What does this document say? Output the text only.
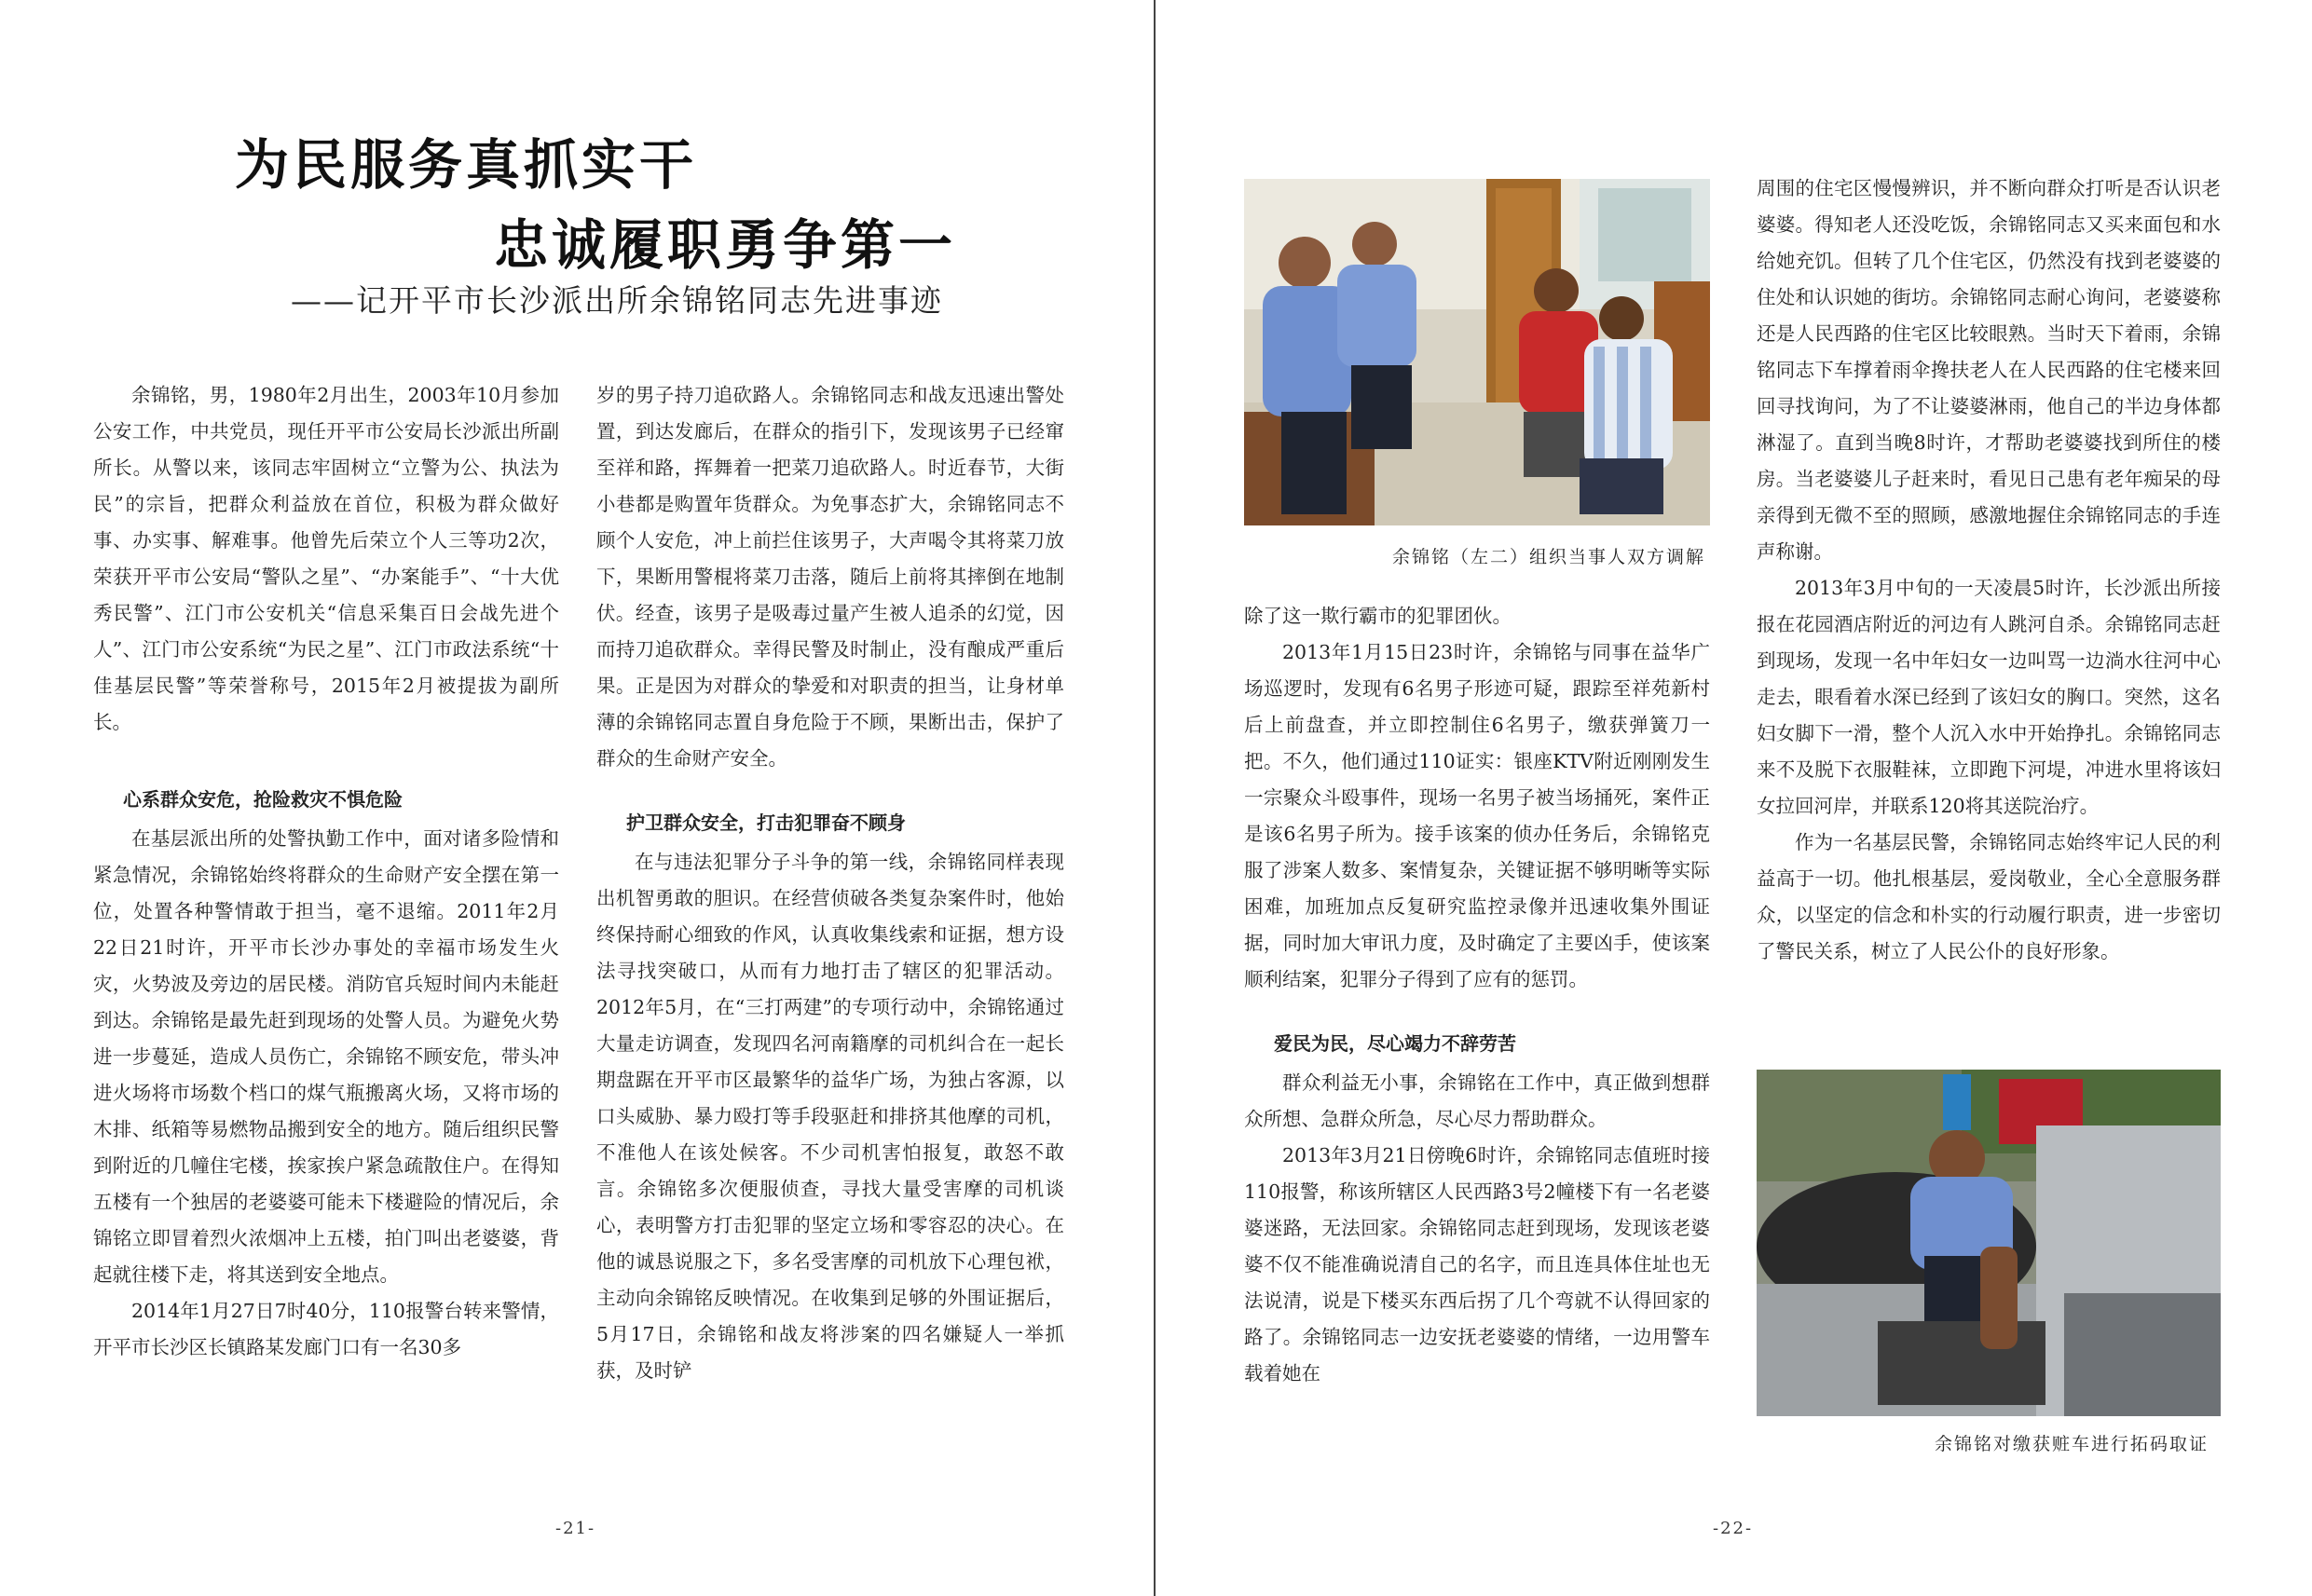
为民服务真抓实干
忠诚履职勇争第一
——记开平市长沙派出所余锦铭同志先进事迹

余锦铭，男，1980年2月出生，2003年10月参加公安工作，中共党员，现任开平市公安局长沙派出所副所长。从警以来，该同志牢固树立“立警为公、执法为民”的宗旨，把群众利益放在首位，积极为群众做好事、办实事、解难事。他曾先后荣立个人三等功2次，荣获开平市公安局“警队之星”、“办案能手”、“十大优秀民警”、江门市公安机关“信息采集百日会战先进个人”、江门市公安系统“为民之星”、江门市政法系统“十佳基层民警”等荣誉称号，2015年2月被提拔为副所长。

心系群众安危，抢险救灾不惧危险

在基层派出所的处警执勤工作中，面对诸多险情和紧急情况，余锦铭始终将群众的生命财产安全摆在第一位，处置各种警情敢于担当，毫不退缩。2011年2月22日21时许，开平市长沙办事处的幸福市场发生火灾，火势波及旁边的居民楼。消防官兵短时间内未能赶到达。余锦铭是最先赶到现场的处警人员。为避免火势进一步蔓延，造成人员伤亡，余锦铭不顾安危，带头冲进火场将市场数个档口的煤气瓶搬离火场，又将市场的木排、纸箱等易燃物品搬到安全的地方。随后组织民警到附近的几幢住宅楼，挨家挨户紧急疏散住户。在得知五楼有一个独居的老婆婆可能未下楼避险的情况后，余锦铭立即冒着烈火浓烟冲上五楼，拍门叫出老婆婆，背起就往楼下走，将其送到安全地点。

2014年1月27日7时40分，110报警台转来警情，开平市长沙区长镇路某发廊门口有一名30多

岁的男子持刀追砍路人。余锦铭同志和战友迅速出警处置，到达发廊后，在群众的指引下，发现该男子已经窜至祥和路，挥舞着一把菜刀追砍路人。时近春节，大街小巷都是购置年货群众。为免事态扩大，余锦铭同志不顾个人安危，冲上前拦住该男子，大声喝令其将菜刀放下，果断用警棍将菜刀击落，随后上前将其摔倒在地制伏。经查，该男子是吸毒过量产生被人追杀的幻觉，因而持刀追砍群众。幸得民警及时制止，没有酿成严重后果。正是因为对群众的挚爱和对职责的担当，让身材单薄的余锦铭同志置自身危险于不顾，果断出击，保护了群众的生命财产安全。

护卫群众安全，打击犯罪奋不顾身

在与违法犯罪分子斗争的第一线，余锦铭同样表现出机智勇敢的胆识。在经营侦破各类复杂案件时，他始终保持耐心细致的作风，认真收集线索和证据，想方设法寻找突破口，从而有力地打击了辖区的犯罪活动。2012年5月，在“三打两建”的专项行动中，余锦铭通过大量走访调查，发现四名河南籍摩的司机纠合在一起长期盘踞在开平市区最繁华的益华广场，为独占客源，以口头威胁、暴力殴打等手段驱赶和排挤其他摩的司机，不准他人在该处候客。不少司机害怕报复，敢怒不敢言。余锦铭多次便服侦查，寻找大量受害摩的司机谈心，表明警方打击犯罪的坚定立场和零容忍的决心。在他的诚恳说服之下，多名受害摩的司机放下心理包袱，主动向余锦铭反映情况。在收集到足够的外围证据后，5月17日，余锦铭和战友将涉案的四名嫌疑人一举抓获，及时铲

-21-
余锦铭（左二）组织当事人双方调解

除了这一欺行霸市的犯罪团伙。

2013年1月15日23时许，余锦铭与同事在益华广场巡逻时，发现有6名男子形迹可疑，跟踪至祥苑新村后上前盘查，并立即控制住6名男子，缴获弹簧刀一把。不久，他们通过110证实：银座KTV附近刚刚发生一宗聚众斗殴事件，现场一名男子被当场捅死，案件正是该6名男子所为。接手该案的侦办任务后，余锦铭克服了涉案人数多、案情复杂，关键证据不够明晰等实际困难，加班加点反复研究监控录像并迅速收集外围证据，同时加大审讯力度，及时确定了主要凶手，使该案顺利结案，犯罪分子得到了应有的惩罚。

爱民为民，尽心竭力不辞劳苦

群众利益无小事，余锦铭在工作中，真正做到想群众所想、急群众所急，尽心尽力帮助群众。

2013年3月21日傍晚6时许，余锦铭同志值班时接110报警，称该所辖区人民西路3号2幢楼下有一名老婆婆迷路，无法回家。余锦铭同志赶到现场，发现该老婆婆不仅不能准确说清自己的名字，而且连具体住址也无法说清，说是下楼买东西后拐了几个弯就不认得回家的路了。余锦铭同志一边安抚老婆婆的情绪，一边用警车载着她在

周围的住宅区慢慢辨识，并不断向群众打听是否认识老婆婆。得知老人还没吃饭，余锦铭同志又买来面包和水给她充饥。但转了几个住宅区，仍然没有找到老婆婆的住处和认识她的街坊。余锦铭同志耐心询问，老婆婆称还是人民西路的住宅区比较眼熟。当时天下着雨，余锦铭同志下车撑着雨伞搀扶老人在人民西路的住宅楼来回回寻找询问，为了不让婆婆淋雨，他自己的半边身体都淋湿了。直到当晚8时许，才帮助老婆婆找到所住的楼房。当老婆婆儿子赶来时，看见日己患有老年痴呆的母亲得到无微不至的照顾，感激地握住余锦铭同志的手连声称谢。

2013年3月中旬的一天凌晨5时许，长沙派出所接报在花园酒店附近的河边有人跳河自杀。余锦铭同志赶到现场，发现一名中年妇女一边叫骂一边淌水往河中心走去，眼看着水深已经到了该妇女的胸口。突然，这名妇女脚下一滑，整个人沉入水中开始挣扎。余锦铭同志来不及脱下衣服鞋袜，立即跑下河堤，冲进水里将该妇女拉回河岸，并联系120将其送院治疗。

作为一名基层民警，余锦铭同志始终牢记人民的利益高于一切。他扎根基层，爱岗敬业，全心全意服务群众，以坚定的信念和朴实的行动履行职责，进一步密切了警民关系，树立了人民公仆的良好形象。

余锦铭对缴获赃车进行拓码取证
-22-
